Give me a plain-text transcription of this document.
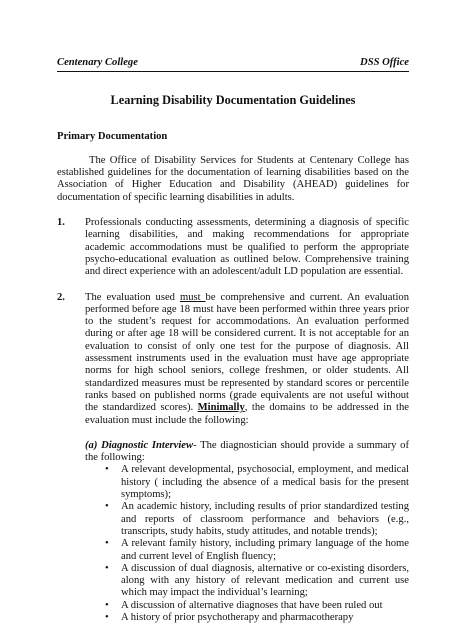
Centenary College	DSS Office
Learning Disability Documentation Guidelines
Primary Documentation

The Office of Disability Services for Students at Centenary College has established guidelines for the documentation of learning disabilities based on the Association of Higher Education and Disability (AHEAD) guidelines for documentation of specific learning disabilities in adults.

1.	Professionals conducting assessments, determining a diagnosis of specific learning disabilities, and making recommendations for appropriate academic accommodations must be qualified to perform the appropriate psycho-educational evaluation as outlined below. Comprehensive training and direct experience with an adolescent/adult LD population are essential.
2.	The evaluation used must be comprehensive and current. An evaluation performed before age 18 must have been performed within three years prior to the student’s request for accommodations. An evaluation performed during or after age 18 will be considered current. It is not acceptable for an evaluation to consist of only one test for the purpose of diagnosis. All assessment instruments used in the evaluation must have age appropriate norms for high school seniors, college freshmen, or older students. All standardized measures must be represented by standard scores or percentile ranks based on published norms (grade equivalents are not useful without the standardized scores). Minimally, the domains to be addressed in the evaluation must include the following:

(a) Diagnostic Interview- The diagnostician should provide a summary of the following:

• A relevant developmental, psychosocial, employment, and medical history ( including the absence of a medical basis for the present symptoms);
• An academic history, including results of prior standardized testing and reports of classroom performance and behaviors (e.g., transcripts, study habits, study attitudes, and notable trends);
• A relevant family history, including primary language of the home and current level of English fluency;
• A discussion of dual diagnosis, alternative or co-existing disorders, along with any history of relevant medication and current use which may impact the individual’s learning;
• A discussion of alternative diagnoses that have been ruled out
• A history of prior psychotherapy and pharmacotherapy
